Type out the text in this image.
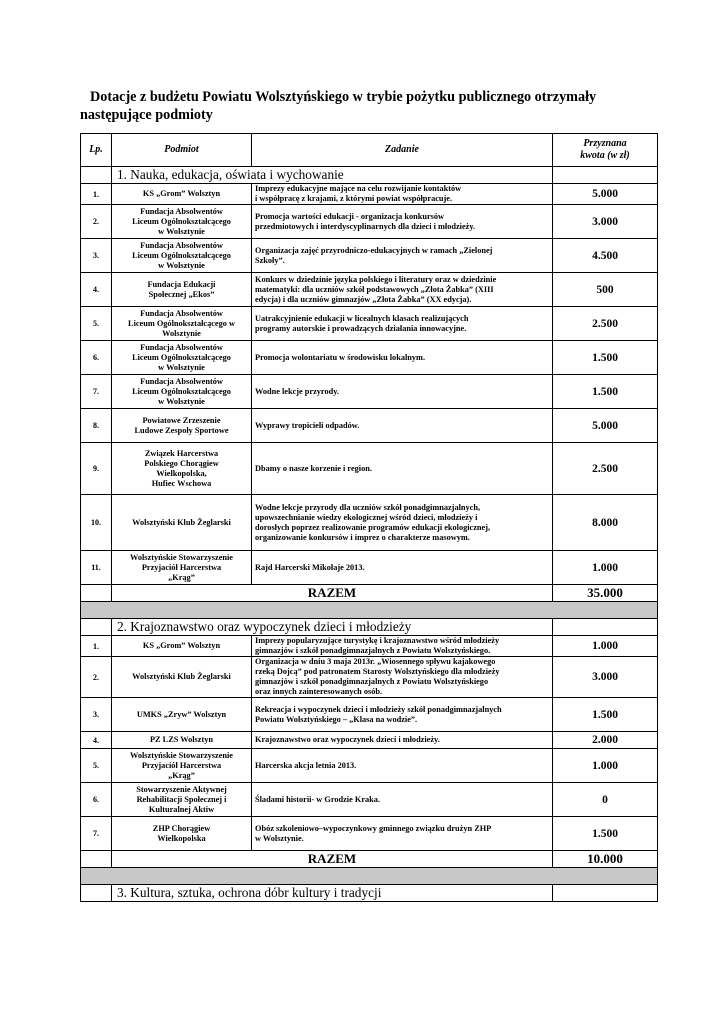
Dotacje z budżetu Powiatu Wolsztyńskiego w trybie pożytku publicznego otrzymały
następujące podmioty
Lp.	Podmiot	Zadanie	Przyznana
kwota (w zł)

	1. Nauka, edukacja, oświata i wychowanie		
1.	KS „Grom” Wolsztyn	Imprezy edukacyjne mające na celu rozwijanie kontaktów
i współpracę z krajami, z którymi powiat współpracuje.	5.000
2.	Fundacja Absolwentów
Liceum Ogólnokształcącego
w Wolsztynie	Promocja wartości edukacji - organizacja konkursów
przedmiotowych i interdyscyplinarnych dla dzieci i młodzieży.	3.000
3.	Fundacja Absolwentów
Liceum Ogólnokształcącego
w Wolsztynie	Organizacja zajęć przyrodniczo-edukacyjnych w ramach „Zielonej
Szkoły”.	4.500
4.	Fundacja Edukacji
Społecznej „Ekos”	Konkurs w dziedzinie języka polskiego i literatury oraz w dziedzinie
matematyki: dla uczniów szkół podstawowych „Złota Żabka” (XIII
edycja) i dla uczniów gimnazjów „Złota Żabka” (XX edycja).	500
5.	Fundacja Absolwentów
Liceum Ogólnokształcącego w
Wolsztynie	Uatrakcyjnienie edukacji w licealnych klasach realizujących
programy autorskie i prowadzących działania innowacyjne.	2.500
6.	Fundacja Absolwentów
Liceum Ogólnokształcącego
w Wolsztynie	Promocja wolontariatu w środowisku lokalnym.	1.500
7.	Fundacja Absolwentów
Liceum Ogólnokształcącego
w Wolsztynie	Wodne lekcje przyrody.	1.500
8.	Powiatowe Zrzeszenie
Ludowe Zespoły Sportowe	Wyprawy tropicieli odpadów.	5.000
9.	Związek Harcerstwa
Polskiego Chorągiew
Wielkopolska,
Hufiec Wschowa	Dbamy o nasze korzenie i region.	2.500
10.	Wolsztyński Klub Żeglarski	Wodne lekcje przyrody dla uczniów szkół ponadgimnazjalnych,
upowszechnianie wiedzy ekologicznej wśród dzieci, młodzieży i
dorosłych poprzez realizowanie programów edukacji ekologicznej,
organizowanie konkursów i imprez o charakterze masowym.	8.000
11.	Wolsztyńskie Stowarzyszenie
Przyjaciół Harcerstwa
„Krąg”	Rajd Harcerski Mikołaje 2013.	1.000
	RAZEM		35.000

	2. Krajoznawstwo oraz wypoczynek dzieci i młodzieży		
1.	KS „Grom” Wolsztyn	Imprezy popularyzujące turystykę i krajoznawstwo wśród młodzieży
gimnazjów i szkół ponadgimnazjalnych z Powiatu Wolsztyńskiego.	1.000
2.	Wolsztyński Klub Żeglarski	Organizacja w dniu 3 maja 2013r. „Wiosennego spływu kajakowego
rzeką Dojcą” pod patronatem Starosty Wolsztyńskiego dla młodzieży
gimnazjów i szkół ponadgimnazjalnych z Powiatu Wolsztyńskiego
oraz innych zainteresowanych osób.	3.000
3.	UMKS „Zryw” Wolsztyn	Rekreacja i wypoczynek dzieci i młodzieży szkół ponadgimnazjalnych
Powiatu Wolsztyńskiego – „Klasa na wodzie”.	1.500
4.	PZ LZS Wolsztyn	Krajoznawstwo oraz wypoczynek dzieci i młodzieży.	2.000
5.	Wolsztyńskie Stowarzyszenie
Przyjaciół Harcerstwa
„Krąg”	Harcerska akcja letnia 2013.	1.000
6.	Stowarzyszenie Aktywnej
Rehabilitacji Społecznej i
Kulturalnej Aktiw	Śladami historii- w Grodzie Kraka.	0
7.	ZHP Chorągiew
Wielkopolska	Obóz szkoleniowo–wypoczynkowy gminnego związku drużyn ZHP
w Wolsztynie.	1.500
	RAZEM		10.000

	3. Kultura, sztuka, ochrona dóbr kultury i tradycji		
